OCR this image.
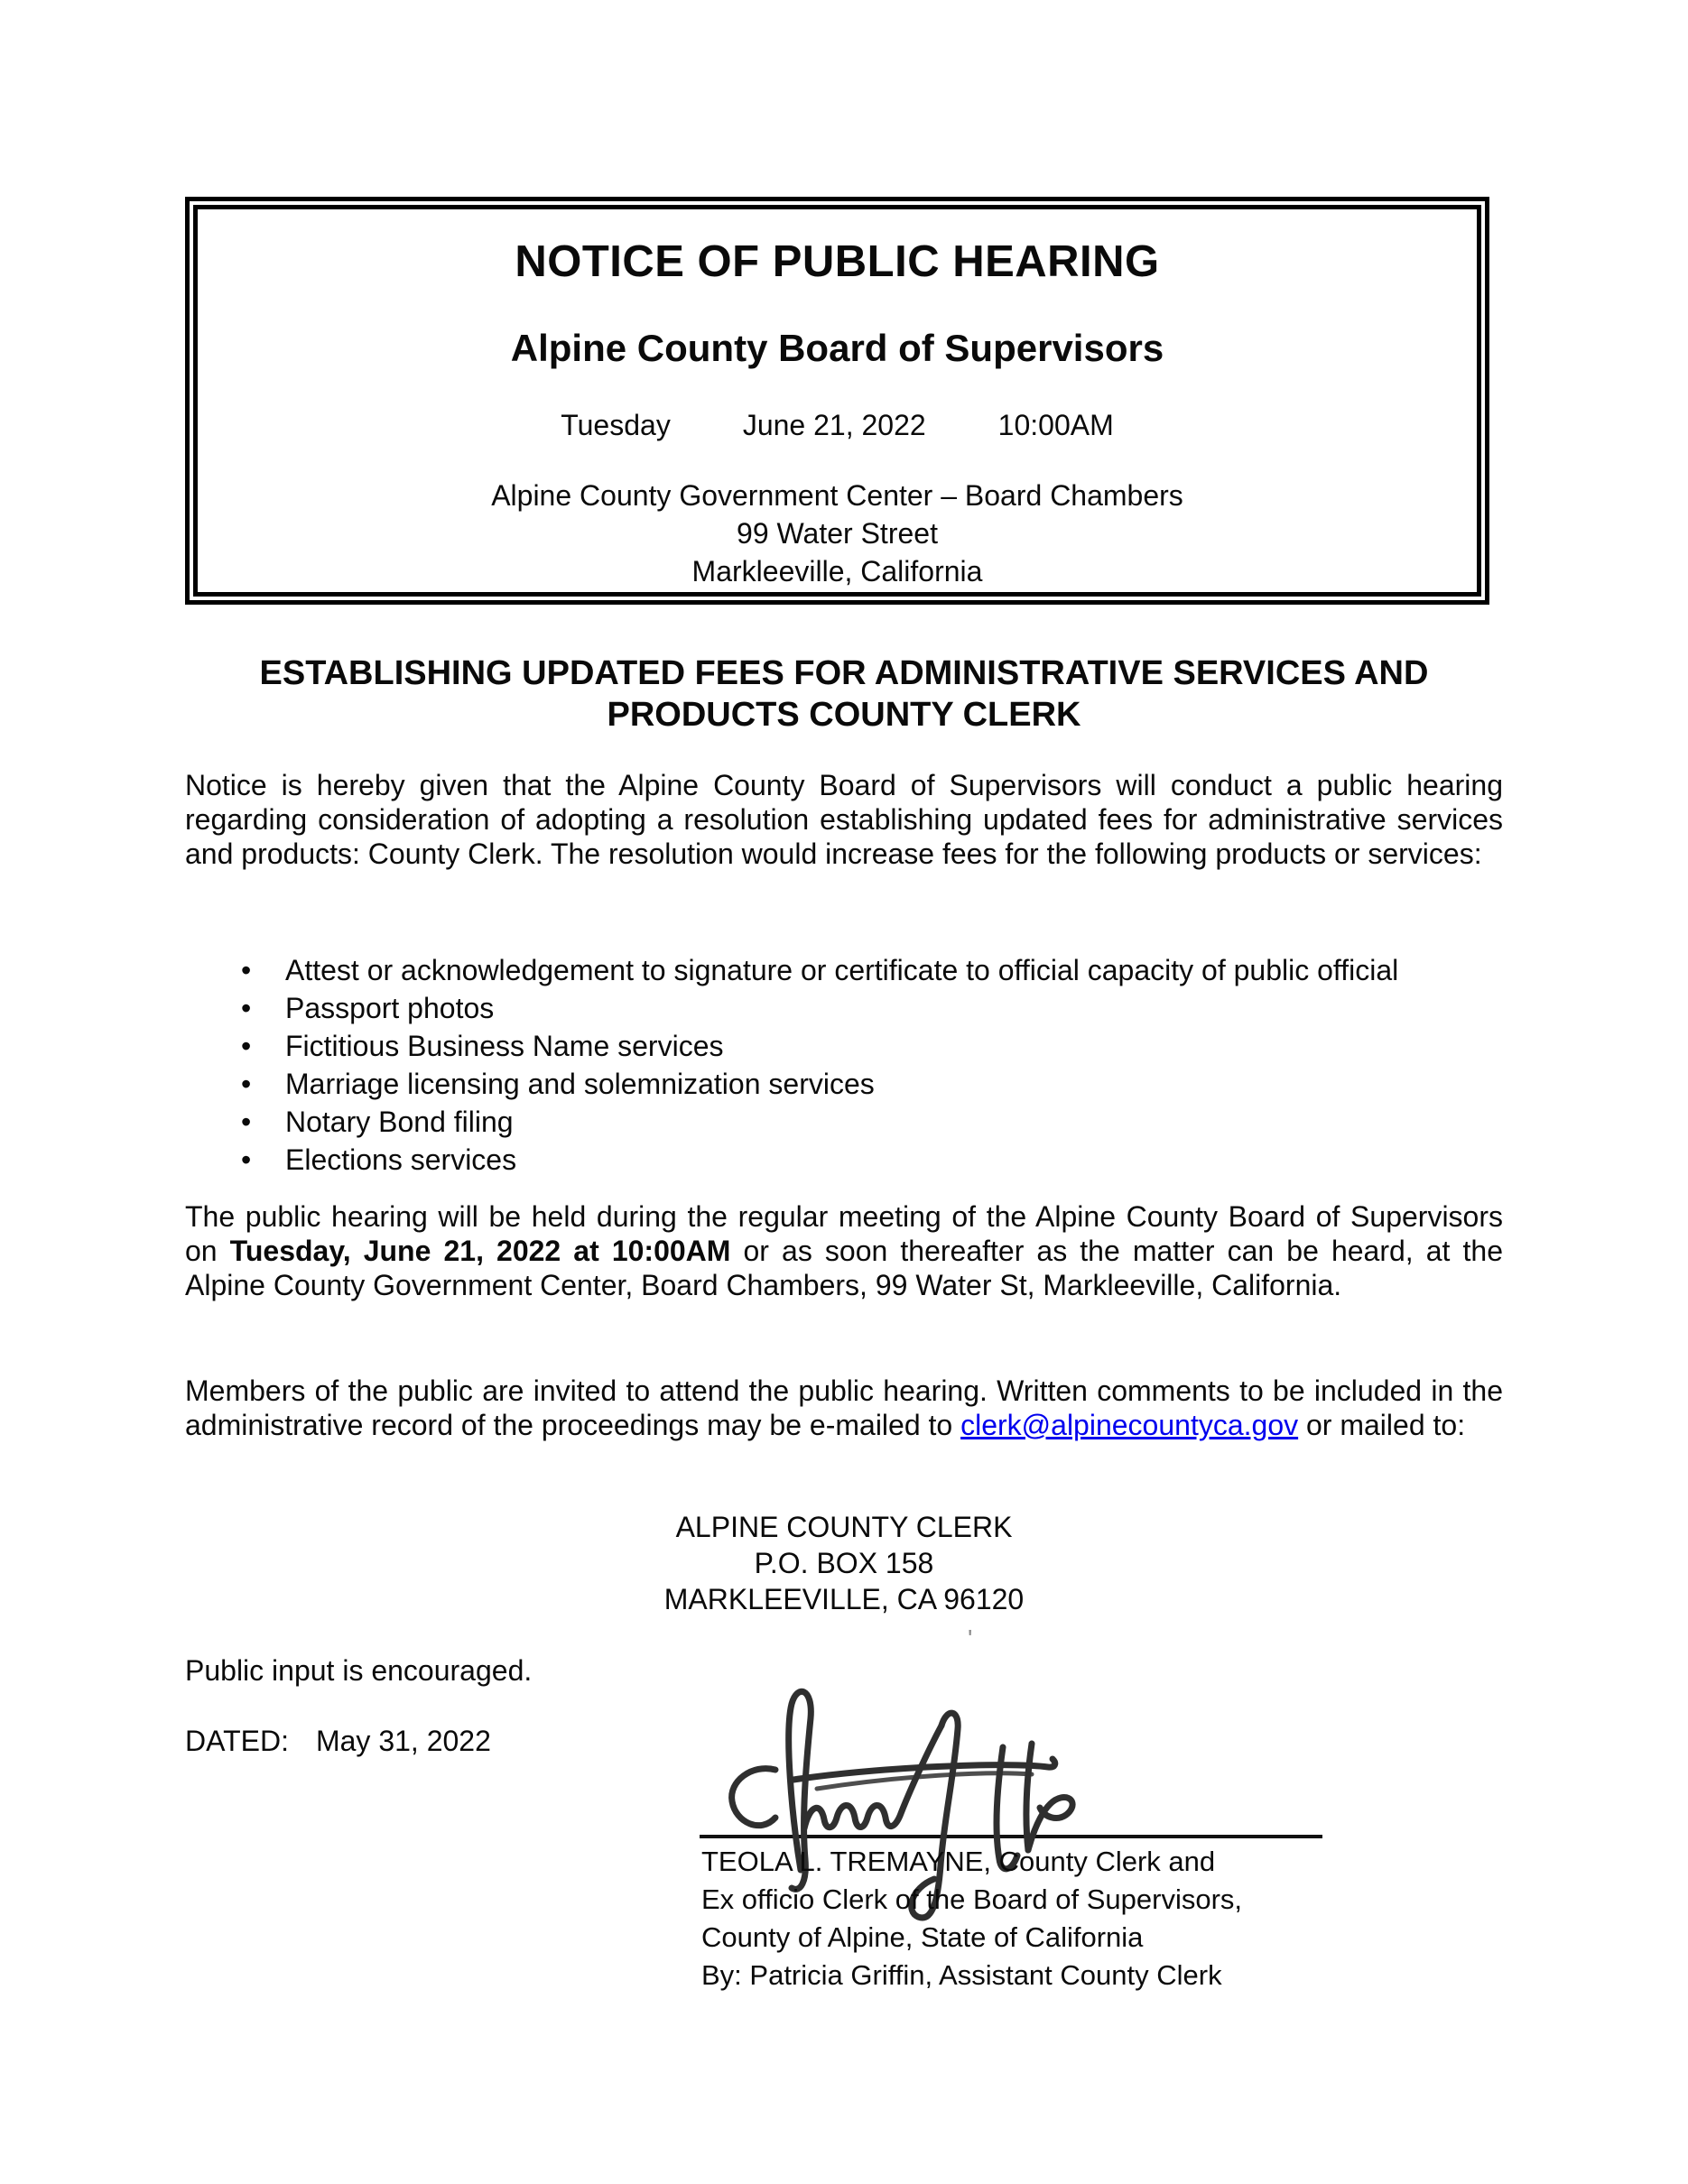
NOTICE OF PUBLIC HEARING
Alpine County Board of Supervisors
Tuesday	June 21, 2022	10:00AM
Alpine County Government Center – Board Chambers
99 Water Street
Markleeville, California
ESTABLISHING UPDATED FEES FOR ADMINISTRATIVE SERVICES AND PRODUCTS COUNTY CLERK

Notice is hereby given that the Alpine County Board of Supervisors will conduct a public hearing regarding consideration of adopting a resolution establishing updated fees for administrative services and products: County Clerk. The resolution would increase fees for the following products or services:

• Attest or acknowledgement to signature or certificate to official capacity of public official
• Passport photos
• Fictitious Business Name services
• Marriage licensing and solemnization services
• Notary Bond filing
• Elections services

The public hearing will be held during the regular meeting of the Alpine County Board of Supervisors on Tuesday, June 21, 2022 at 10:00AM or as soon thereafter as the matter can be heard, at the Alpine County Government Center, Board Chambers, 99 Water St, Markleeville, California.

Members of the public are invited to attend the public hearing. Written comments to be included in the administrative record of the proceedings may be e-mailed to clerk@alpinecountyca.gov or mailed to:

ALPINE COUNTY CLERK
P.O. BOX 158
MARKLEEVILLE, CA 96120
'
Public input is encouraged.
DATED: May 31, 2022
TEOLA L. TREMAYNE, County Clerk and
Ex officio Clerk of the Board of Supervisors,
County of Alpine, State of California
By: Patricia Griffin, Assistant County Clerk
